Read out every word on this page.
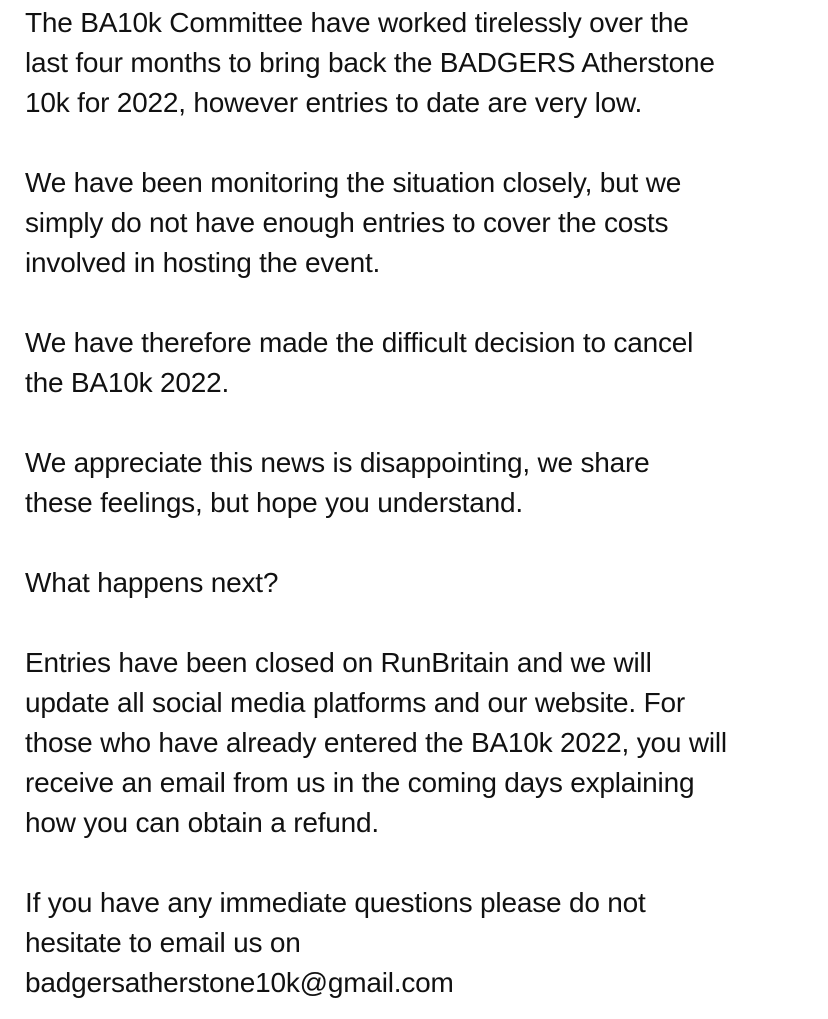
The BA10k Committee have worked tirelessly over the
last four months to bring back the BADGERS Atherstone
10k for 2022, however entries to date are very low.

We have been monitoring the situation closely, but we
simply do not have enough entries to cover the costs
involved in hosting the event.

We have therefore made the difficult decision to cancel
the BA10k 2022.

We appreciate this news is disappointing, we share
these feelings, but hope you understand.

What happens next?

Entries have been closed on RunBritain and we will
update all social media platforms and our website. For
those who have already entered the BA10k 2022, you will
receive an email from us in the coming days explaining
how you can obtain a refund.

If you have any immediate questions please do not
hesitate to email us on
badgersatherstone10k@gmail.com
